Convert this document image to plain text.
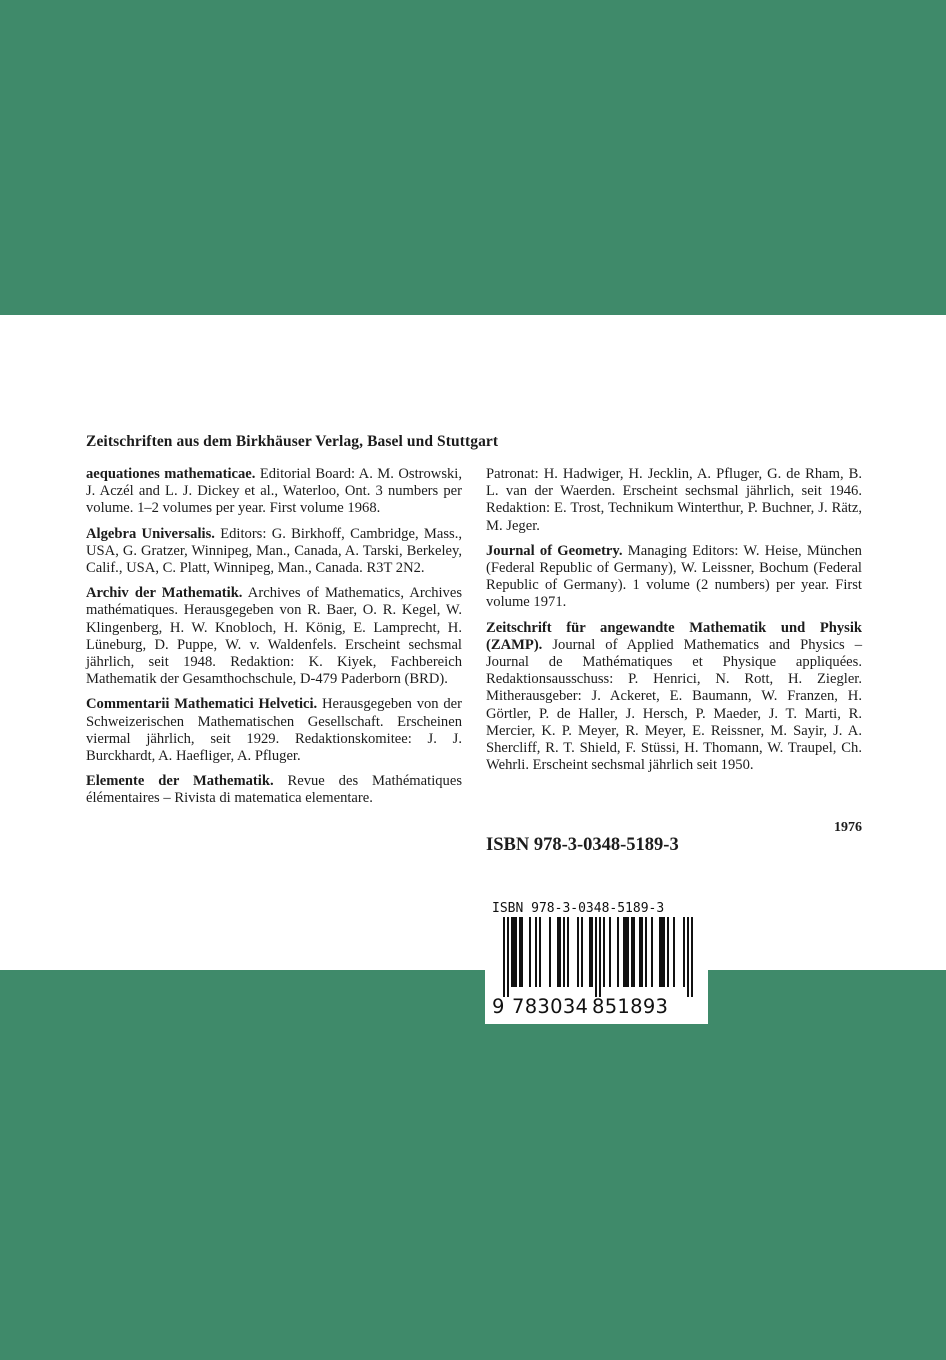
Zeitschriften aus dem Birkhäuser Verlag, Basel und Stuttgart

aequationes mathematicae. Editorial Board: A. M. Ostrowski, J. Aczél and L. J. Dickey et al., Waterloo, Ont. 3 numbers per volume. 1–2 volumes per year. First volume 1968.

Algebra Universalis. Editors: G. Birkhoff, Cambridge, Mass., USA, G. Gratzer, Winnipeg, Man., Canada, A. Tarski, Berkeley, Calif., USA, C. Platt, Winnipeg, Man., Canada. R3T 2N2.

Archiv der Mathematik. Archives of Mathematics, Archives mathématiques. Herausgegeben von R. Baer, O. R. Kegel, W. Klingenberg, H. W. Knobloch, H. König, E. Lamprecht, H. Lüneburg, D. Puppe, W. v. Waldenfels. Erscheint sechsmal jährlich, seit 1948. Redaktion: K. Kiyek, Fachbereich Mathematik der Gesamthochschule, D-479 Paderborn (BRD).

Commentarii Mathematici Helvetici. Herausgegeben von der Schweizerischen Mathematischen Gesellschaft. Erscheinen viermal jährlich, seit 1929. Redaktionskomitee: J. J. Burckhardt, A. Haefliger, A. Pfluger.

Elemente der Mathematik. Revue des Mathématiques élémentaires – Rivista di matematica elementare.

Patronat: H. Hadwiger, H. Jecklin, A. Pfluger, G. de Rham, B. L. van der Waerden. Erscheint sechsmal jährlich, seit 1946. Redaktion: E. Trost, Technikum Winterthur, P. Buchner, J. Rätz, M. Jeger.

Journal of Geometry. Managing Editors: W. Heise, München (Federal Republic of Germany), W. Leissner, Bochum (Federal Republic of Germany). 1 volume (2 numbers) per year. First volume 1971.

Zeitschrift für angewandte Mathematik und Physik (ZAMP). Journal of Applied Mathematics and Physics – Journal de Mathématiques et Physique appliquées. Redaktionsausschuss: P. Henrici, N. Rott, H. Ziegler. Mitherausgeber: J. Ackeret, E. Baumann, W. Franzen, H. Görtler, P. de Haller, J. Hersch, P. Maeder, J. T. Marti, R. Mercier, K. P. Meyer, R. Meyer, E. Reissner, M. Sayir, J. A. Shercliff, R. T. Shield, F. Stüssi, H. Thomann, W. Traupel, Ch. Wehrli. Erscheint sechsmal jährlich seit 1950.

1976
ISBN 978-3-0348-5189-3
ISBN 978-3-0348-5189-3
9 783034 851893
